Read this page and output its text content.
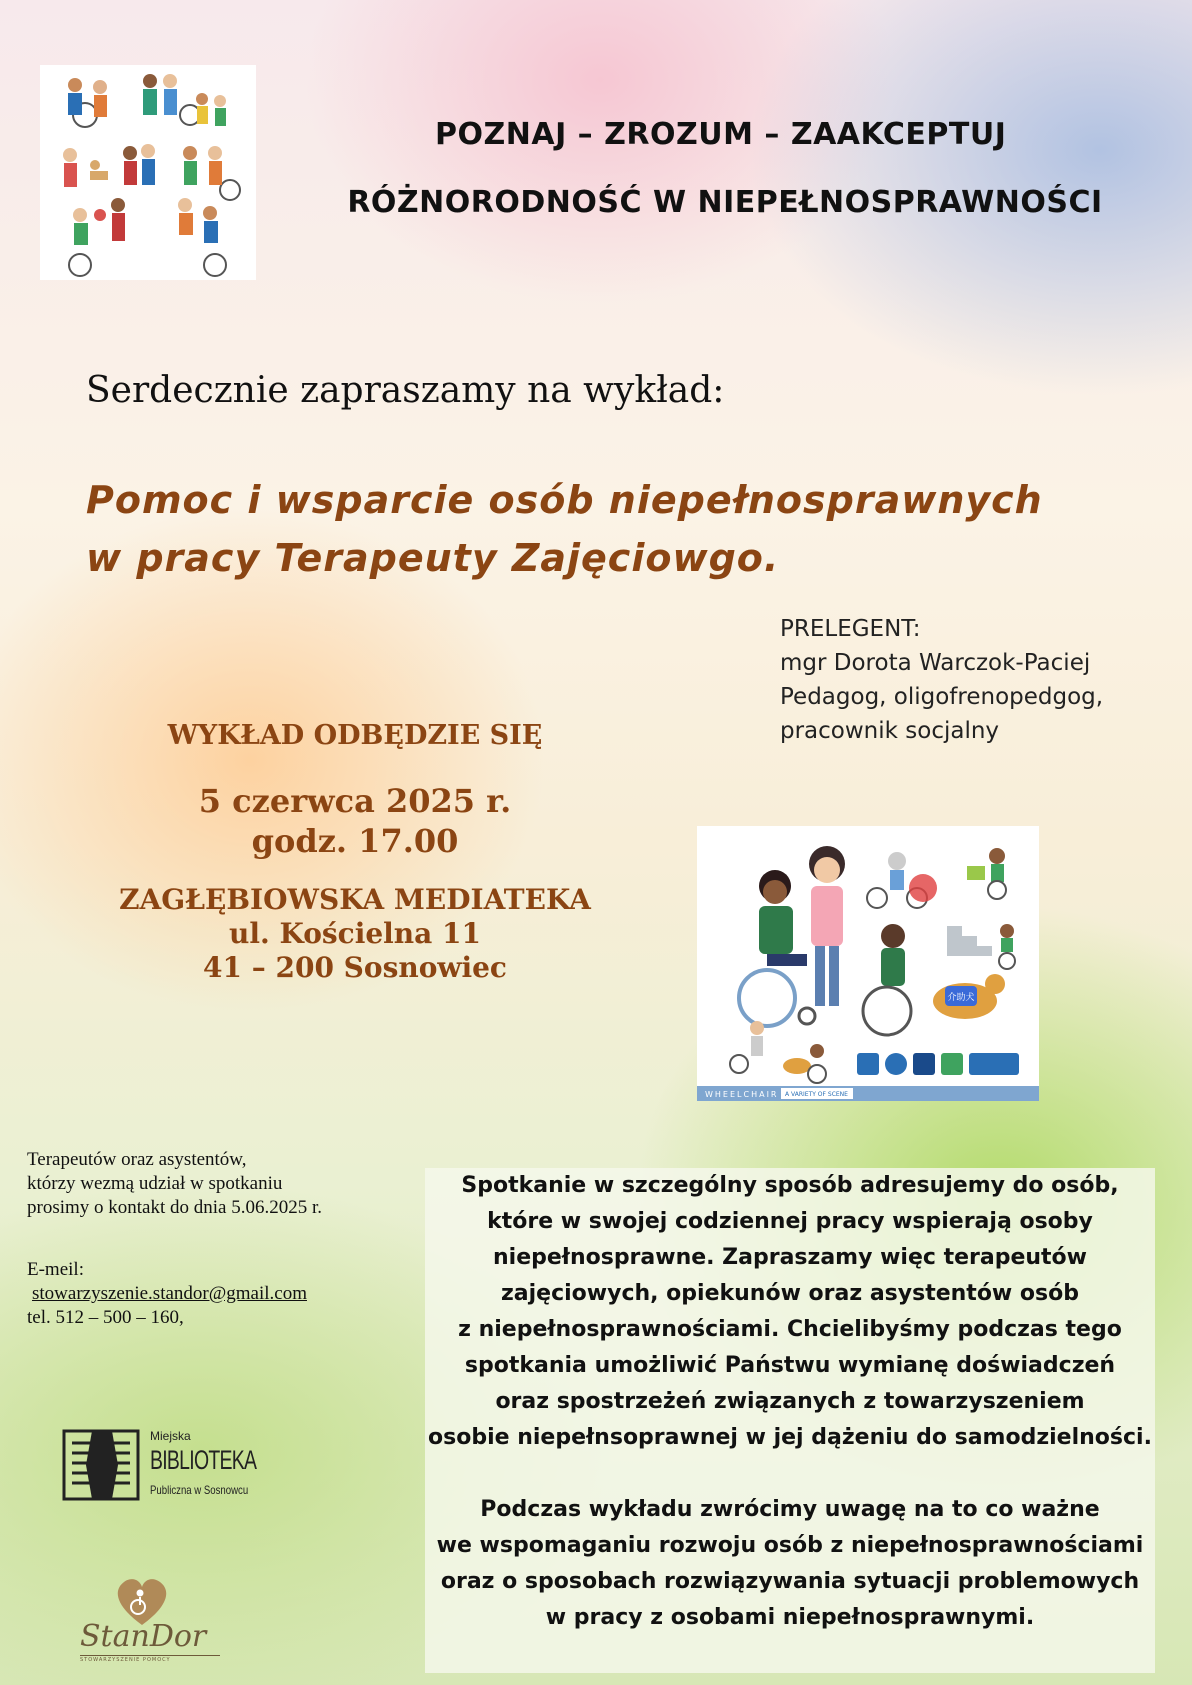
POZNAJ – ZROZUM – ZAAKCEPTUJ
RÓŻNORODNOŚĆ W NIEPEŁNOSPRAWNOŚCI
Serdecznie zapraszamy na wykład:
Pomoc i wsparcie osób niepełnosprawnych
w pracy Terapeuty Zajęciowgo.
PRELEGENT:
mgr Dorota Warczok-Paciej
Pedagog, oligofrenopedgog,
pracownik socjalny
WYKŁAD ODBĘDZIE SIĘ
5 czerwca 2025 r.
godz. 17.00
ZAGŁĘBIOWSKA MEDIATEKA
ul. Kościelna 11
41 – 200 Sosnowiec
介助犬
WHEELCHAIR A VARIETY OF SCENE
Terapeutów oraz asystentów,
którzy wezmą udział w spotkaniu
prosimy o kontakt do dnia 5.06.2025 r.
E-meil:
stowarzyszenie.standor@gmail.com
tel. 512 – 500 – 160,
Miejska
BIBLIOTEKA
Publiczna w Sosnowcu
StanDor
STOWARZYSZENIE POMOCY

Spotkanie w szczególny sposób adresujemy do osób,

które w swojej codziennej pracy wspierają osoby

niepełnosprawne. Zapraszamy więc terapeutów

zajęciowych, opiekunów oraz asystentów osób

z niepełnosprawnościami. Chcielibyśmy podczas tego

spotkania umożliwić Państwu wymianę doświadczeń

oraz spostrzeżeń związanych z towarzyszeniem

osobie niepełnsoprawnej w jej dążeniu do samodzielności.

Podczas wykładu zwrócimy uwagę na to co ważne

we wspomaganiu rozwoju osób z niepełnosprawnościami

oraz o sposobach rozwiązywania sytuacji problemowych

w pracy z osobami niepełnosprawnymi.
